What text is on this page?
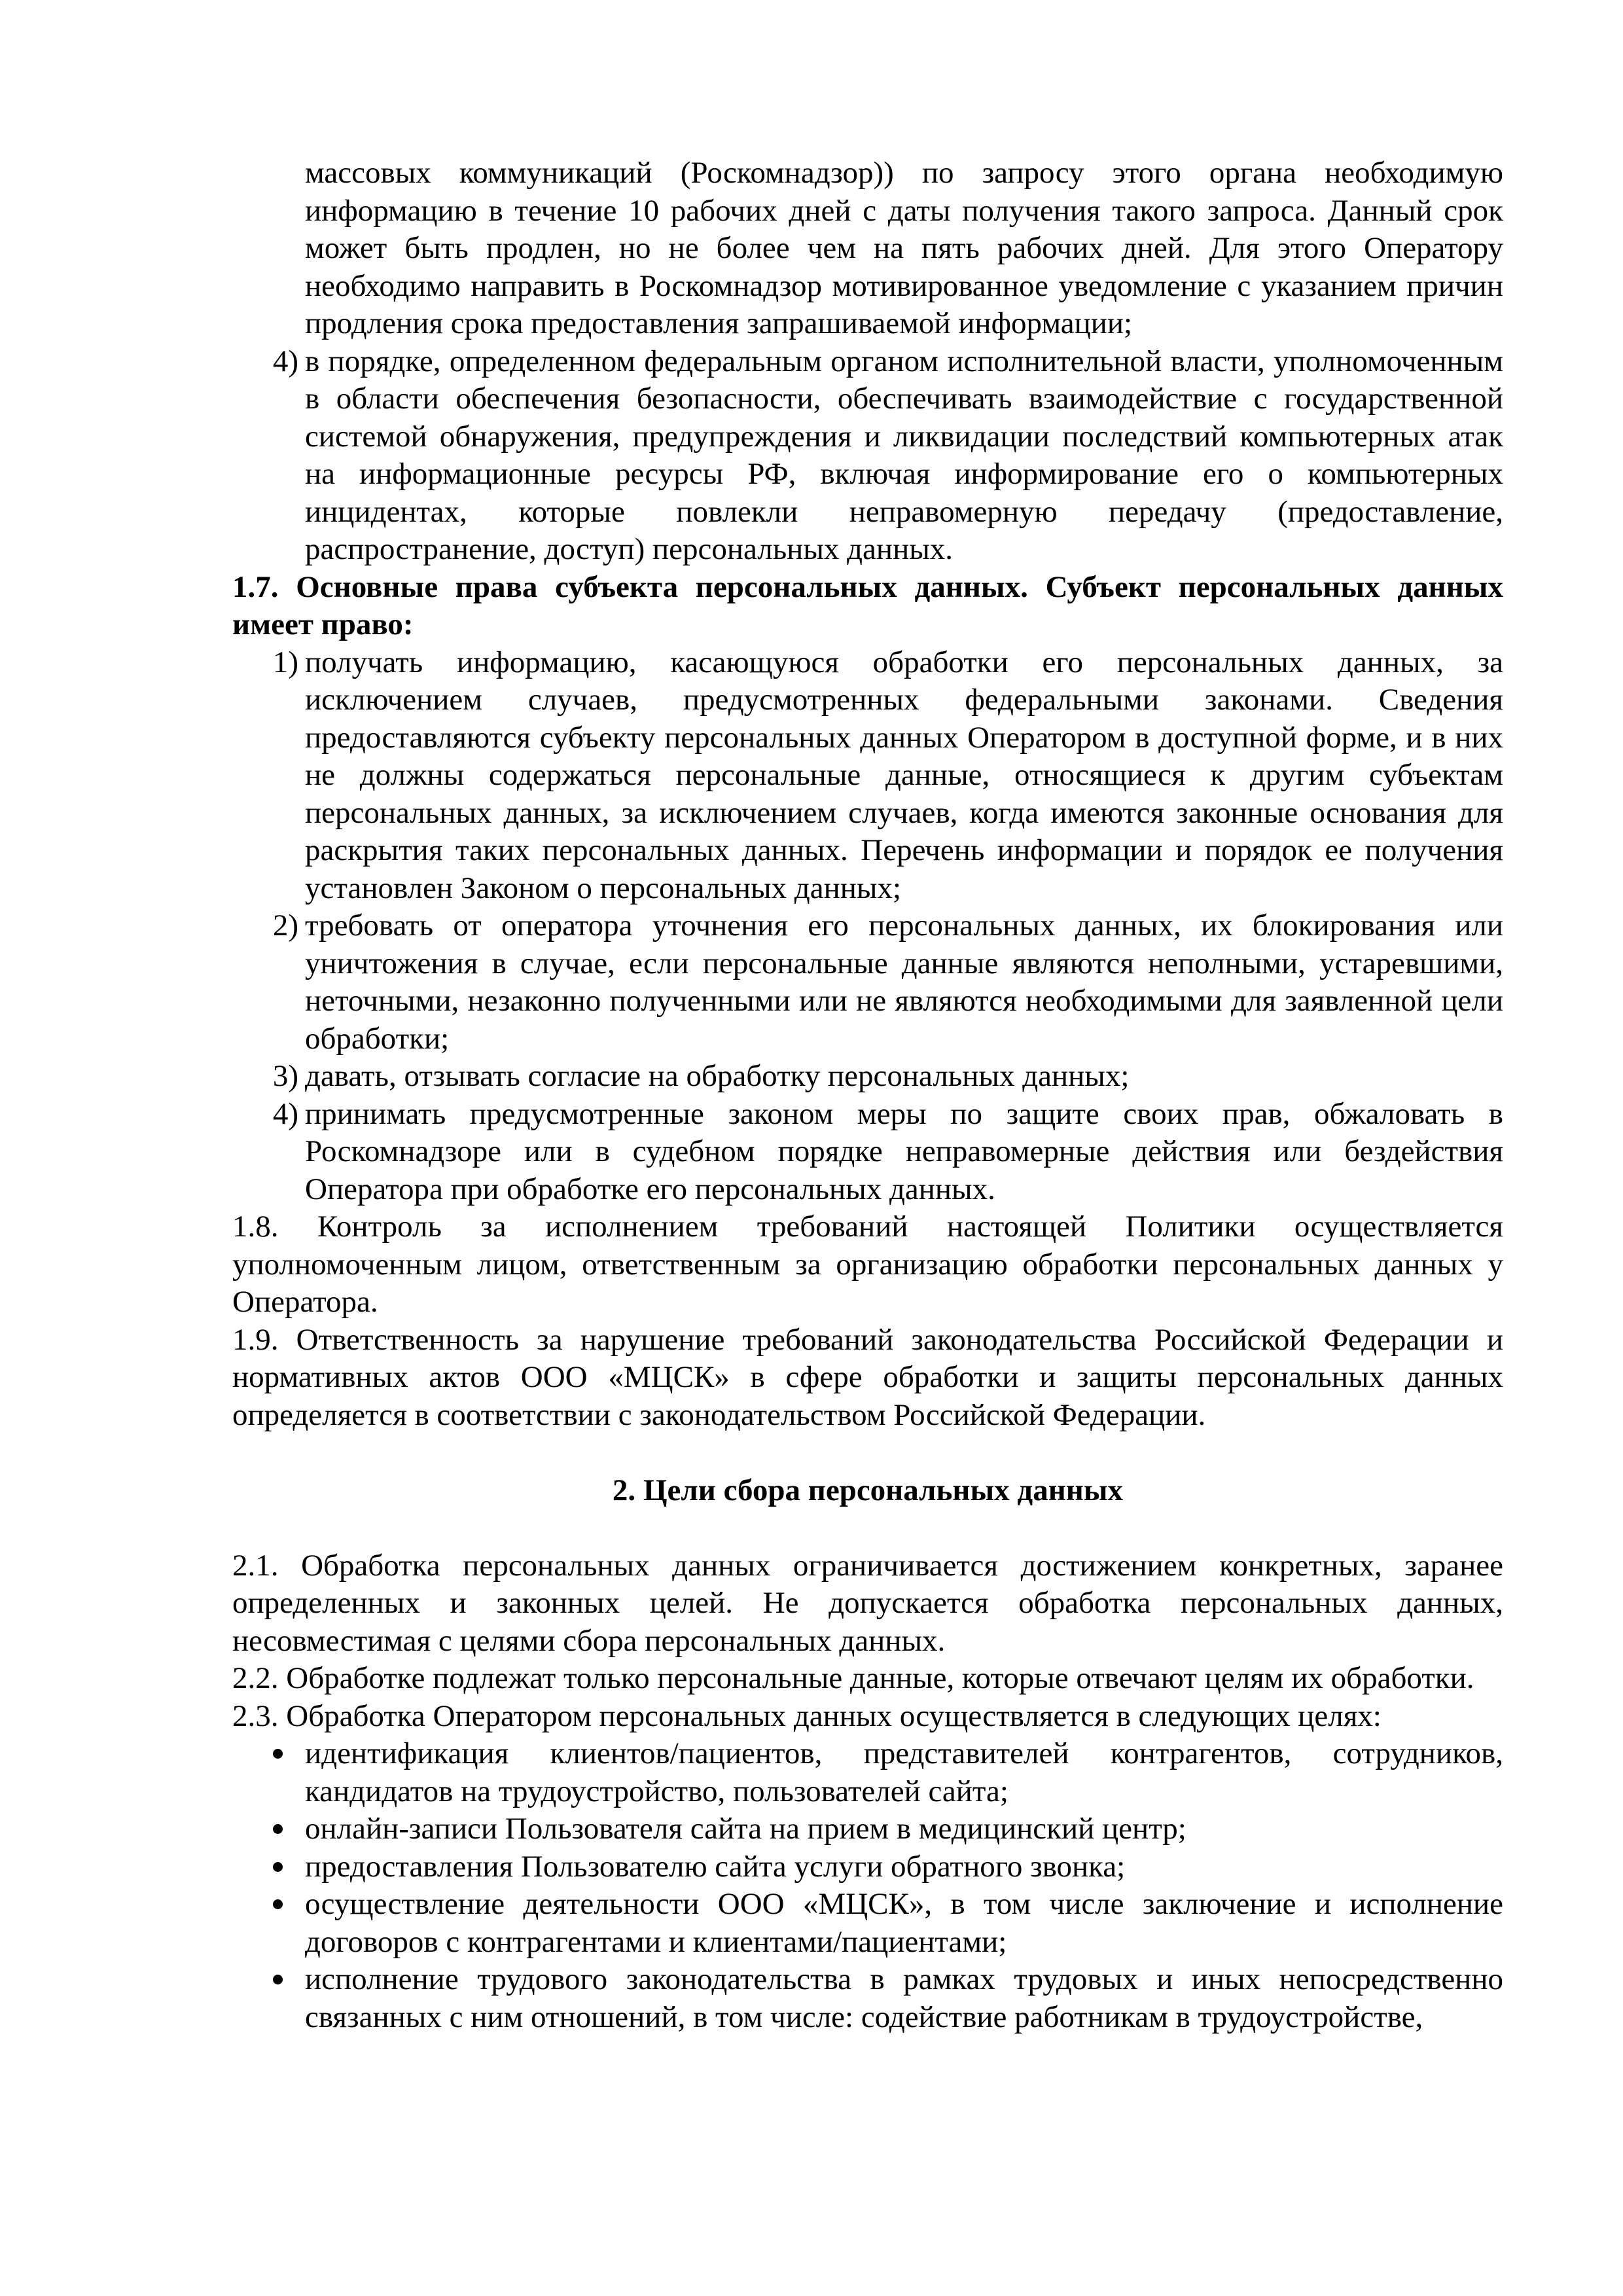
массовых коммуникаций (Роскомнадзор)) по запросу этого органа необходимую информацию в течение 10 рабочих дней с даты получения такого запроса. Данный срок может быть продлен, но не более чем на пять рабочих дней. Для этого Оператору необходимо направить в Роскомнадзор мотивированное уведомление с указанием причин продления срока предоставления запрашиваемой информации;
4) в порядке, определенном федеральным органом исполнительной власти, уполномоченным в области обеспечения безопасности, обеспечивать взаимодействие с государственной системой обнаружения, предупреждения и ликвидации последствий компьютерных атак на информационные ресурсы РФ, включая информирование его о компьютерных инцидентах, которые повлекли неправомерную передачу (предоставление, распространение, доступ) персональных данных.

1.7. Основные права субъекта персональных данных. Субъект персональных данных имеет право:

1) получать информацию, касающуюся обработки его персональных данных, за исключением случаев, предусмотренных федеральными законами. Сведения предоставляются субъекту персональных данных Оператором в доступной форме, и в них не должны содержаться персональные данные, относящиеся к другим субъектам персональных данных, за исключением случаев, когда имеются законные основания для раскрытия таких персональных данных. Перечень информации и порядок ее получения установлен Законом о персональных данных;
2) требовать от оператора уточнения его персональных данных, их блокирования или уничтожения в случае, если персональные данные являются неполными, устаревшими, неточными, незаконно полученными или не являются необходимыми для заявленной цели обработки;
3) давать, отзывать согласие на обработку персональных данных;
4) принимать предусмотренные законом меры по защите своих прав, обжаловать в Роскомнадзоре или в судебном порядке неправомерные действия или бездействия Оператора при обработке его персональных данных.

1.8. Контроль за исполнением требований настоящей Политики осуществляется уполномоченным лицом, ответственным за организацию обработки персональных данных у Оператора.

1.9. Ответственность за нарушение требований законодательства Российской Федерации и нормативных актов ООО «МЦСК» в сфере обработки и защиты персональных данных определяется в соответствии с законодательством Российской Федерации.

2. Цели сбора персональных данных

2.1. Обработка персональных данных ограничивается достижением конкретных, заранее определенных и законных целей. Не допускается обработка персональных данных, несовместимая с целями сбора персональных данных.

2.2. Обработке подлежат только персональные данные, которые отвечают целям их обработки.

2.3. Обработка Оператором персональных данных осуществляется в следующих целях:

идентификация клиентов/пациентов, представителей контрагентов, сотрудников, кандидатов на трудоустройство, пользователей сайта;
онлайн-записи Пользователя сайта на прием в медицинский центр;
предоставления Пользователю сайта услуги обратного звонка;
осуществление деятельности ООО «МЦСК», в том числе заключение и исполнение договоров с контрагентами и клиентами/пациентами;
исполнение трудового законодательства в рамках трудовых и иных непосредственно связанных с ним отношений, в том числе: содействие работникам в трудоустройстве,
